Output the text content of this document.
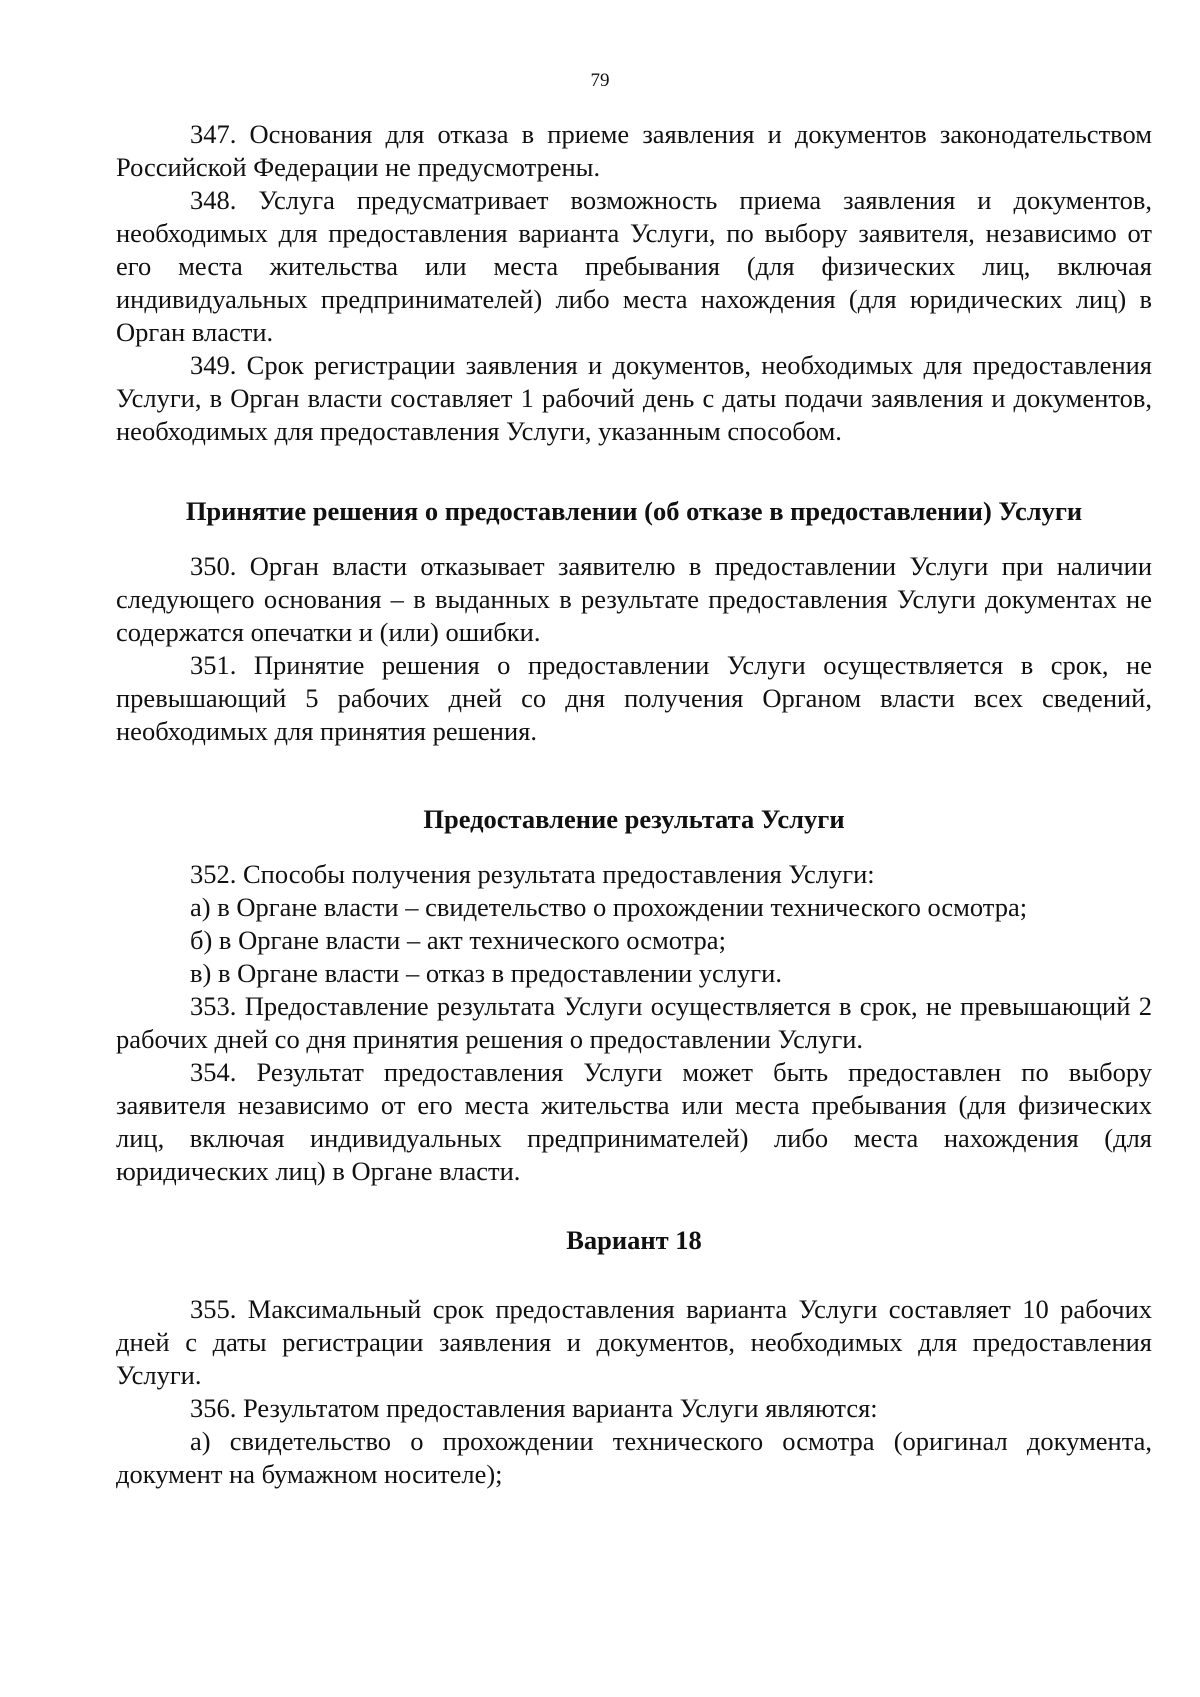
79

347. Основания для отказа в приеме заявления и документов законодательством Российской Федерации не предусмотрены.

348. Услуга предусматривает возможность приема заявления и документов, необходимых для предоставления варианта Услуги, по выбору заявителя, независимо от его места жительства или места пребывания (для физических лиц, включая индивидуальных предпринимателей) либо места нахождения (для юридических лиц) в Орган власти.

349. Срок регистрации заявления и документов, необходимых для предоставления Услуги, в Орган власти составляет 1 рабочий день с даты подачи заявления и документов, необходимых для предоставления Услуги, указанным способом.

Принятие решения о предоставлении (об отказе в предоставлении) Услуги

350. Орган власти отказывает заявителю в предоставлении Услуги при наличии следующего основания – в выданных в результате предоставления Услуги документах не содержатся опечатки и (или) ошибки.

351. Принятие решения о предоставлении Услуги осуществляется в срок, не превышающий 5 рабочих дней со дня получения Органом власти всех сведений, необходимых для принятия решения.

Предоставление результата Услуги

352. Способы получения результата предоставления Услуги:

а) в Органе власти – свидетельство о прохождении технического осмотра;

б) в Органе власти – акт технического осмотра;

в) в Органе власти – отказ в предоставлении услуги.

353. Предоставление результата Услуги осуществляется в срок, не превышающий 2 рабочих дней со дня принятия решения о предоставлении Услуги.

354. Результат предоставления Услуги может быть предоставлен по выбору заявителя независимо от его места жительства или места пребывания (для физических лиц, включая индивидуальных предпринимателей) либо места нахождения (для юридических лиц) в Органе власти.

Вариант 18

355. Максимальный срок предоставления варианта Услуги составляет 10 рабочих дней с даты регистрации заявления и документов, необходимых для предоставления Услуги.

356. Результатом предоставления варианта Услуги являются:

а) свидетельство о прохождении технического осмотра (оригинал документа, документ на бумажном носителе);
